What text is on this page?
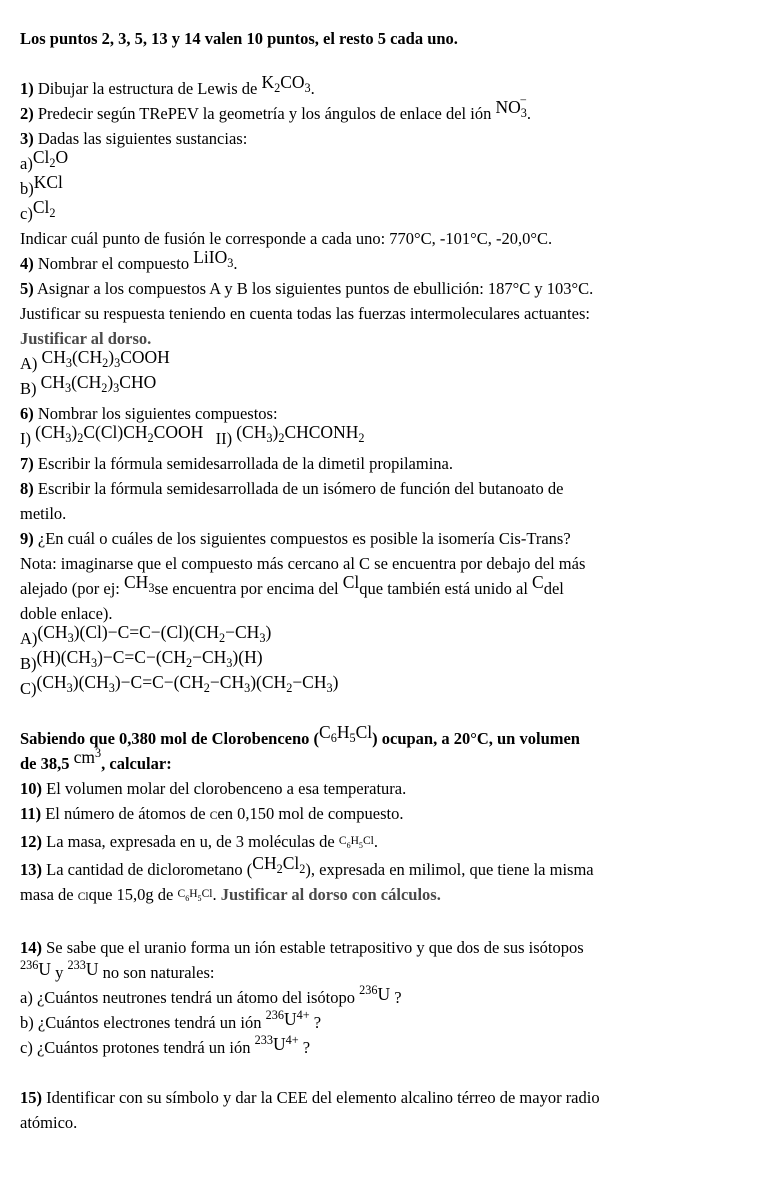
Los puntos 2, 3, 5, 13 y 14 valen 10 puntos, el resto 5 cada uno.

1) Dibujar la estructura de Lewis de $K_2CO_3$.

2) Predecir según TRePEV la geometría y los ángulos de enlace del ión $NO_3^-$.

3) Dadas las siguientes sustancias:

$a)Cl_2O$

b)KCl

$c)Cl_2$

Indicar cuál punto de fusión le corresponde a cada uno: 770°C, -101°C, -20,0°C.

4) Nombrar el compuesto LiIO$_3$.

5) Asignar a los compuestos A y B los siguientes puntos de ebullición: 187°C y 103°C.

Justificar su respuesta teniendo en cuenta todas las fuerzas intermoleculares actuantes:

Justificar al dorso.

A) $CH_3(CH_2)_3COOH$

B) $CH_3(CH_2)_3CHO$

6) Nombrar los siguientes compuestos:

I) $(CH_3)_2C(Cl)CH_2COOH$ II) $(CH_3)_2CHCONH_2$

7) Escribir la fórmula semidesarrollada de la dimetil propilamina.

8) Escribir la fórmula semidesarrollada de un isómero de función del butanoato de

metilo.

9) ¿En cuál o cuáles de los siguientes compuestos es posible la isomería Cis-Trans?

Nota: imaginarse que el compuesto más cercano al C se encuentra por debajo del más

alejado (por ej: $CH_3se$ encuentra por encima del Clque también está unido al Cdel

doble enlace).

$A)(CH_3)(Cl)-C=C-(Cl)(CH_2-CH_3)$

$B)(H)(CH_3)-C=C-(CH_2-CH_3)(H)$

$C)(CH_3)(CH_3)-C=C-(CH_2-CH_3)(CH_2-CH_3)$

Sabiendo que 0,380 mol de Clorobenceno $(C_6H_5Cl)$ ocupan, a 20°C, un volumen

de 38,5 $cm^3$, calcular:

10) El volumen molar del clorobenceno a esa temperatura.

11) El número de átomos de Cen 0,150 mol de compuesto.

12) La masa, expresada en u, de 3 moléculas de $C_6H_5Cl$.

13) La cantidad de diclorometano $(CH_2Cl_2)$, expresada en milimol, que tiene la misma

masa de Clque 15,0g de $C_6H_5Cl$. Justificar al dorso con cálculos.

14) Se sabe que el uranio forma un ión estable tetrapositivo y que dos de sus isótopos

$^{236}$U y $^{233}$U no son naturales:

a) ¿Cuántos neutrones tendrá un átomo del isótopo $^{236}$U ?

b) ¿Cuántos electrones tendrá un ión $^{236}U^{4+}$ ?

c) ¿Cuántos protones tendrá un ión $^{233}U^{4+}$ ?

15) Identificar con su símbolo y dar la CEE del elemento alcalino térreo de mayor radio

atómico.
